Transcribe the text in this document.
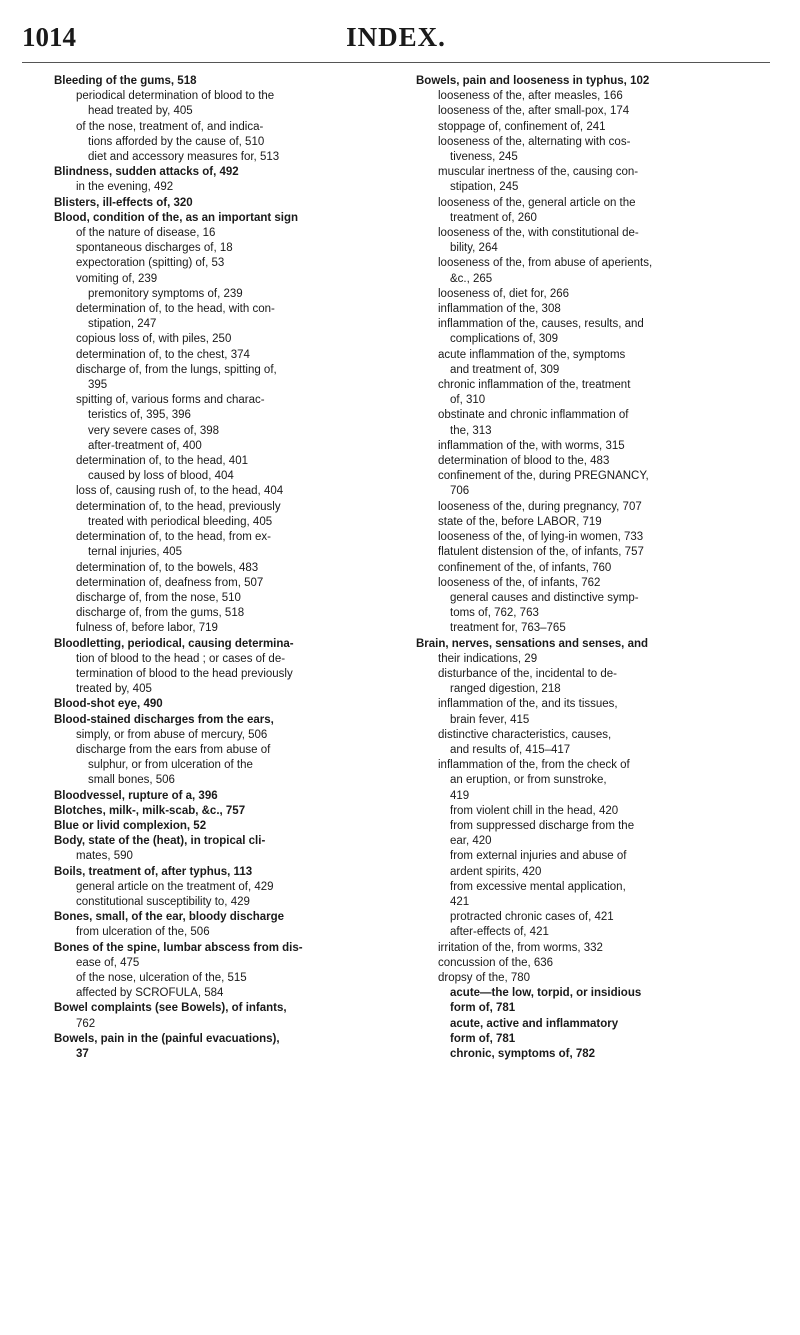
1014	INDEX.
Bleeding of the gums, 518
periodical determination of blood to the
head treated by, 405
of the nose, treatment of, and indica-
tions afforded by the cause of, 510
diet and accessory measures for, 513
Blindness, sudden attacks of, 492
in the evening, 492
Blisters, ill-effects of, 320
Blood, condition of the, as an important sign
of the nature of disease, 16
spontaneous discharges of, 18
expectoration (spitting) of, 53
vomiting of, 239
premonitory symptoms of, 239
determination of, to the head, with con-
stipation, 247
copious loss of, with piles, 250
determination of, to the chest, 374
discharge of, from the lungs, spitting of,
395
spitting of, various forms and charac-
teristics of, 395, 396
very severe cases of, 398
after-treatment of, 400
determination of, to the head, 401
caused by loss of blood, 404
loss of, causing rush of, to the head, 404
determination of, to the head, previously
treated with periodical bleeding, 405
determination of, to the head, from ex-
ternal injuries, 405
determination of, to the bowels, 483
determination of, deafness from, 507
discharge of, from the nose, 510
discharge of, from the gums, 518
fulness of, before labor, 719
Bloodletting, periodical, causing determina-
tion of blood to the head ; or cases of de-
termination of blood to the head previously
treated by, 405
Blood-shot eye, 490
Blood-stained discharges from the ears,
simply, or from abuse of mercury, 506
discharge from the ears from abuse of
sulphur, or from ulceration of the
small bones, 506
Bloodvessel, rupture of a, 396
Blotches, milk-, milk-scab, &c., 757
Blue or livid complexion, 52
Body, state of the (heat), in tropical cli-
mates, 590
Boils, treatment of, after typhus, 113
general article on the treatment of, 429
constitutional susceptibility to, 429
Bones, small, of the ear, bloody discharge
from ulceration of the, 506
Bones of the spine, lumbar abscess from dis-
ease of, 475
of the nose, ulceration of the, 515
affected by SCROFULA, 584
Bowel complaints (see Bowels), of infants,
762
Bowels, pain in the (painful evacuations),
37
Bowels, pain and looseness in typhus, 102
looseness of the, after measles, 166
looseness of the, after small-pox, 174
stoppage of, confinement of, 241
looseness of the, alternating with cos-
tiveness, 245
muscular inertness of the, causing con-
stipation, 245
looseness of the, general article on the
treatment of, 260
looseness of the, with constitutional de-
bility, 264
looseness of the, from abuse of aperients,
&c., 265
looseness of, diet for, 266
inflammation of the, 308
inflammation of the, causes, results, and
complications of, 309
acute inflammation of the, symptoms
and treatment of, 309
chronic inflammation of the, treatment
of, 310
obstinate and chronic inflammation of
the, 313
inflammation of the, with worms, 315
determination of blood to the, 483
confinement of the, during PREGNANCY,
706
looseness of the, during pregnancy, 707
state of the, before LABOR, 719
looseness of the, of lying-in women, 733
flatulent distension of the, of infants, 757
confinement of the, of infants, 760
looseness of the, of infants, 762
general causes and distinctive symp-
toms of, 762, 763
treatment for, 763–765
Brain, nerves, sensations and senses, and
their indications, 29
disturbance of the, incidental to de-
ranged digestion, 218
inflammation of the, and its tissues,
brain fever, 415
distinctive characteristics, causes,
and results of, 415–417
inflammation of the, from the check of
an eruption, or from sunstroke,
419
from violent chill in the head, 420
from suppressed discharge from the
ear, 420
from external injuries and abuse of
ardent spirits, 420
from excessive mental application,
421
protracted chronic cases of, 421
after-effects of, 421
irritation of the, from worms, 332
concussion of the, 636
dropsy of the, 780
acute—the low, torpid, or insidious
form of, 781
acute, active and inflammatory
form of, 781
chronic, symptoms of, 782
